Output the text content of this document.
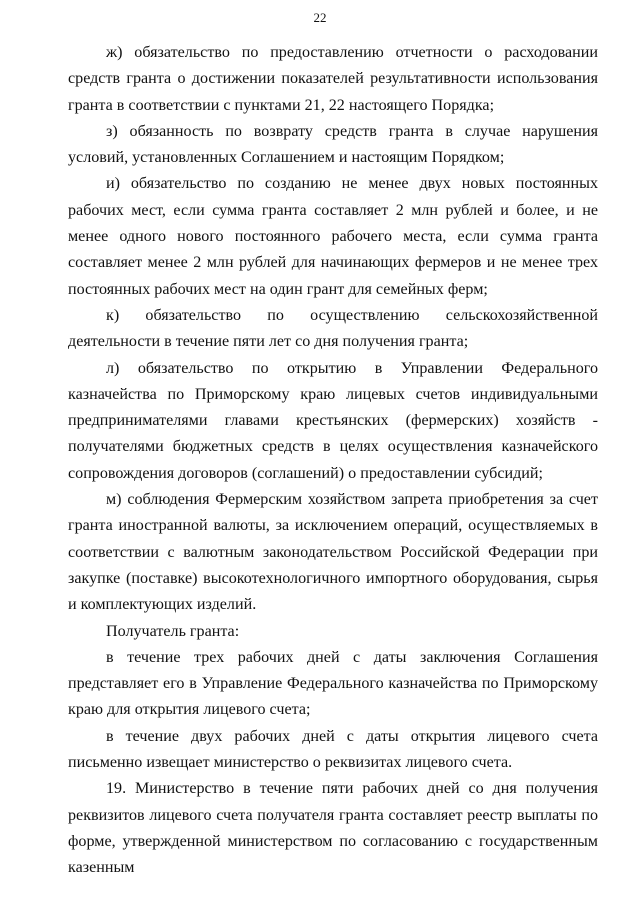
22

ж) обязательство по предоставлению отчетности о расходовании средств гранта о достижении показателей результативности использования гранта в соответствии с пунктами 21, 22 настоящего Порядка;

з) обязанность по возврату средств гранта в случае нарушения условий, установленных Соглашением и настоящим Порядком;

и) обязательство по созданию не менее двух новых постоянных рабочих мест, если сумма гранта составляет 2 млн рублей и более, и не менее одного нового постоянного рабочего места, если сумма гранта составляет менее 2 млн рублей для начинающих фермеров и не менее трех постоянных рабочих мест на один грант для семейных ферм;

к) обязательство по осуществлению сельскохозяйственной деятельности в течение пяти лет со дня получения гранта;

л) обязательство по открытию в Управлении Федерального казначейства по Приморскому краю лицевых счетов индивидуальными предпринимателями главами крестьянских (фермерских) хозяйств - получателями бюджетных средств в целях осуществления казначейского сопровождения договоров (соглашений) о предоставлении субсидий;

м) соблюдения Фермерским хозяйством запрета приобретения за счет гранта иностранной валюты, за исключением операций, осуществляемых в соответствии с валютным законодательством Российской Федерации при закупке (поставке) высокотехнологичного импортного оборудования, сырья и комплектующих изделий.

Получатель гранта:

в течение трех рабочих дней с даты заключения Соглашения представляет его в Управление Федерального казначейства по Приморскому краю для открытия лицевого счета;

в течение двух рабочих дней с даты открытия лицевого счета письменно извещает министерство о реквизитах лицевого счета.

19. Министерство в течение пяти рабочих дней со дня получения реквизитов лицевого счета получателя гранта составляет реестр выплаты по форме, утвержденной министерством по согласованию с государственным казенным
